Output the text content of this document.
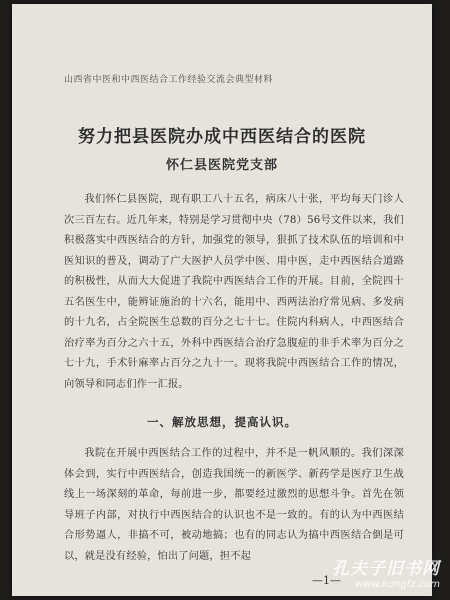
山西省中医和中西医结合工作经验交流会典型材料
努力把县医院办成中西医结合的医院
怀仁县医院党支部
我们怀仁县医院，现有职工八十五名，病床八十张，平均每天门诊人次三百左右。近几年来，特别是学习贯彻中央（78）56号文件以来，我们积极落实中西医结合的方针，加强党的领导，狠抓了技术队伍的培训和中医知识的普及，调动了广大医护人员学中医、用中医，走中西医结合道路的积极性，从而大大促进了我院中西医结合工作的开展。目前，全院四十五名医生中，能辨证施治的十六名，能用中、西两法治疗常见病、多发病的十九名，占全院医生总数的百分之七十七。住院内科病人，中西医结合治疗率为百分之六十五，外科中西医结合治疗急腹症的非手术率为百分之七十九，手术针麻率占百分之九十一。现将我院中西医结合工作的情况，向领导和同志们作一汇报。
一、解放思想，提高认识。
我院在开展中西医结合工作的过程中，并不是一帆风顺的。我们深深体会到，实行中西医结合，创造我国统一的新医学、新药学是医疗卫生战线上一场深刻的革命，每前进一步，都要经过激烈的思想斗争。首先在领导班子内部，对执行中西医结合的认识也不是一致的。有的认为中西医结合形势逼人，非搞不可，被动地搞；也有的同志认为搞中西医结合倒是可以，就是没有经验，怕出了问题，担不起
—1—
孔夫子旧书网
www.kongfz.com
